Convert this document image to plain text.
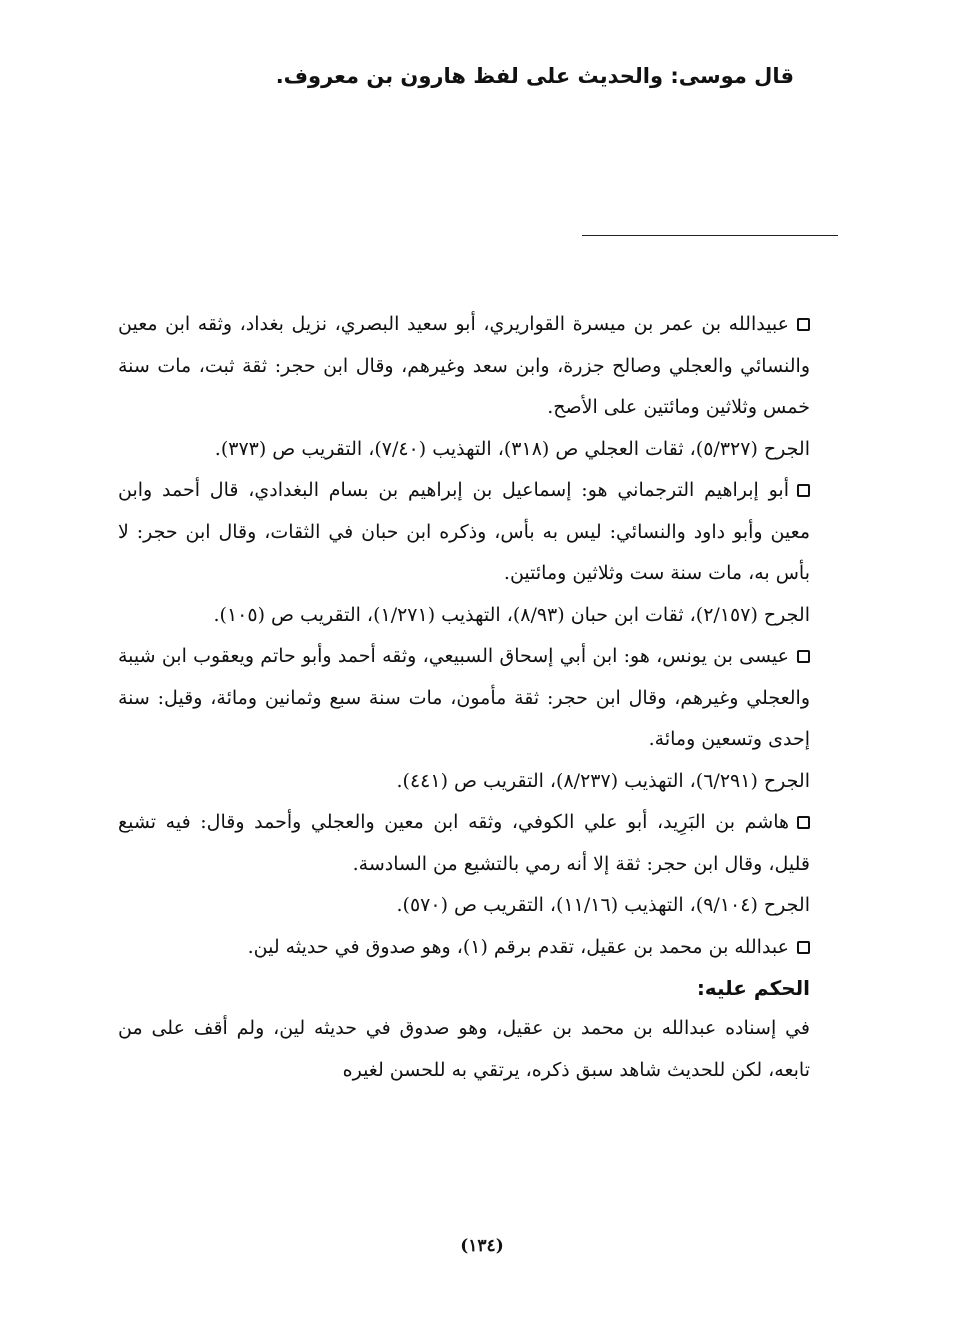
قال موسى: والحديث على لفظ هارون بن معروف.

عبيدالله بن عمر بن ميسرة القواريري، أبو سعيد البصري، نزيل بغداد، وثقه ابن معين والنسائي والعجلي وصالح جزرة، وابن سعد وغيرهم، وقال ابن حجر: ثقة ثبت، مات سنة خمس وثلاثين ومائتين على الأصح.

الجرح (٥/٣٢٧)، ثقات العجلي ص (٣١٨)، التهذيب (٧/٤٠)، التقريب ص (٣٧٣).

أبو إبراهيم الترجماني هو: إسماعيل بن إبراهيم بن بسام البغدادي، قال أحمد وابن معين وأبو داود والنسائي: ليس به بأس، وذكره ابن حبان في الثقات، وقال ابن حجر: لا بأس به، مات سنة ست وثلاثين ومائتين.

الجرح (٢/١٥٧)، ثقات ابن حبان (٨/٩٣)، التهذيب (١/٢٧١)، التقريب ص (١٠٥).

عيسى بن يونس، هو: ابن أبي إسحاق السبيعي، وثقه أحمد وأبو حاتم ويعقوب ابن شيبة والعجلي وغيرهم، وقال ابن حجر: ثقة مأمون، مات سنة سبع وثمانين ومائة، وقيل: سنة إحدى وتسعين ومائة.

الجرح (٦/٢٩١)، التهذيب (٨/٢٣٧)، التقريب ص (٤٤١).

هاشم بن البَرِيد، أبو علي الكوفي، وثقه ابن معين والعجلي وأحمد وقال: فيه تشيع قليل، وقال ابن حجر: ثقة إلا أنه رمي بالتشيع من السادسة.

الجرح (٩/١٠٤)، التهذيب (١١/١٦)، التقريب ص (٥٧٠).

عبدالله بن محمد بن عقيل، تقدم برقم (١)، وهو صدوق في حديثه لين.

الحكم عليه:

في إسناده عبدالله بن محمد بن عقيل، وهو صدوق في حديثه لين، ولم أقف على من تابعه، لكن للحديث شاهد سبق ذكره، يرتقي به للحسن لغيره

(١٣٤)
